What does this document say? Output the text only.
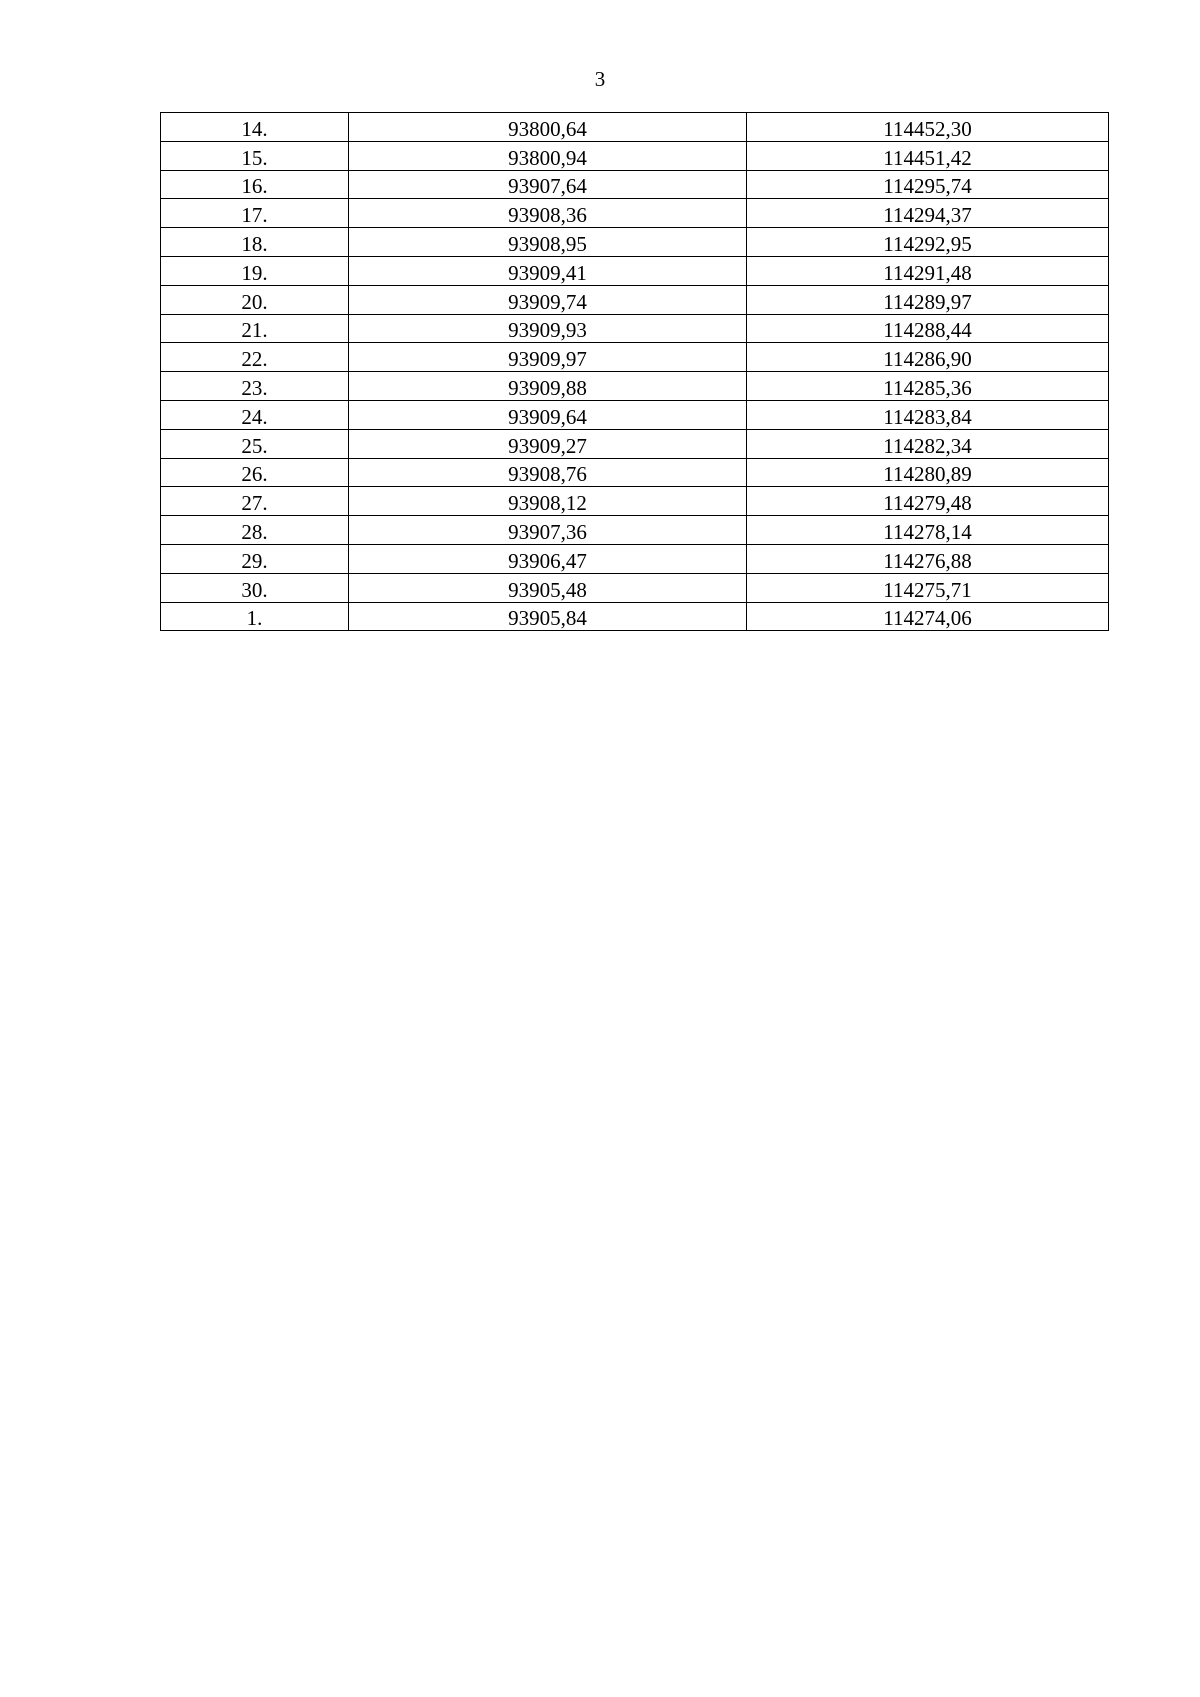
3
14.	93800,64	114452,30
15.	93800,94	114451,42
16.	93907,64	114295,74
17.	93908,36	114294,37
18.	93908,95	114292,95
19.	93909,41	114291,48
20.	93909,74	114289,97
21.	93909,93	114288,44
22.	93909,97	114286,90
23.	93909,88	114285,36
24.	93909,64	114283,84
25.	93909,27	114282,34
26.	93908,76	114280,89
27.	93908,12	114279,48
28.	93907,36	114278,14
29.	93906,47	114276,88
30.	93905,48	114275,71
1.	93905,84	114274,06
